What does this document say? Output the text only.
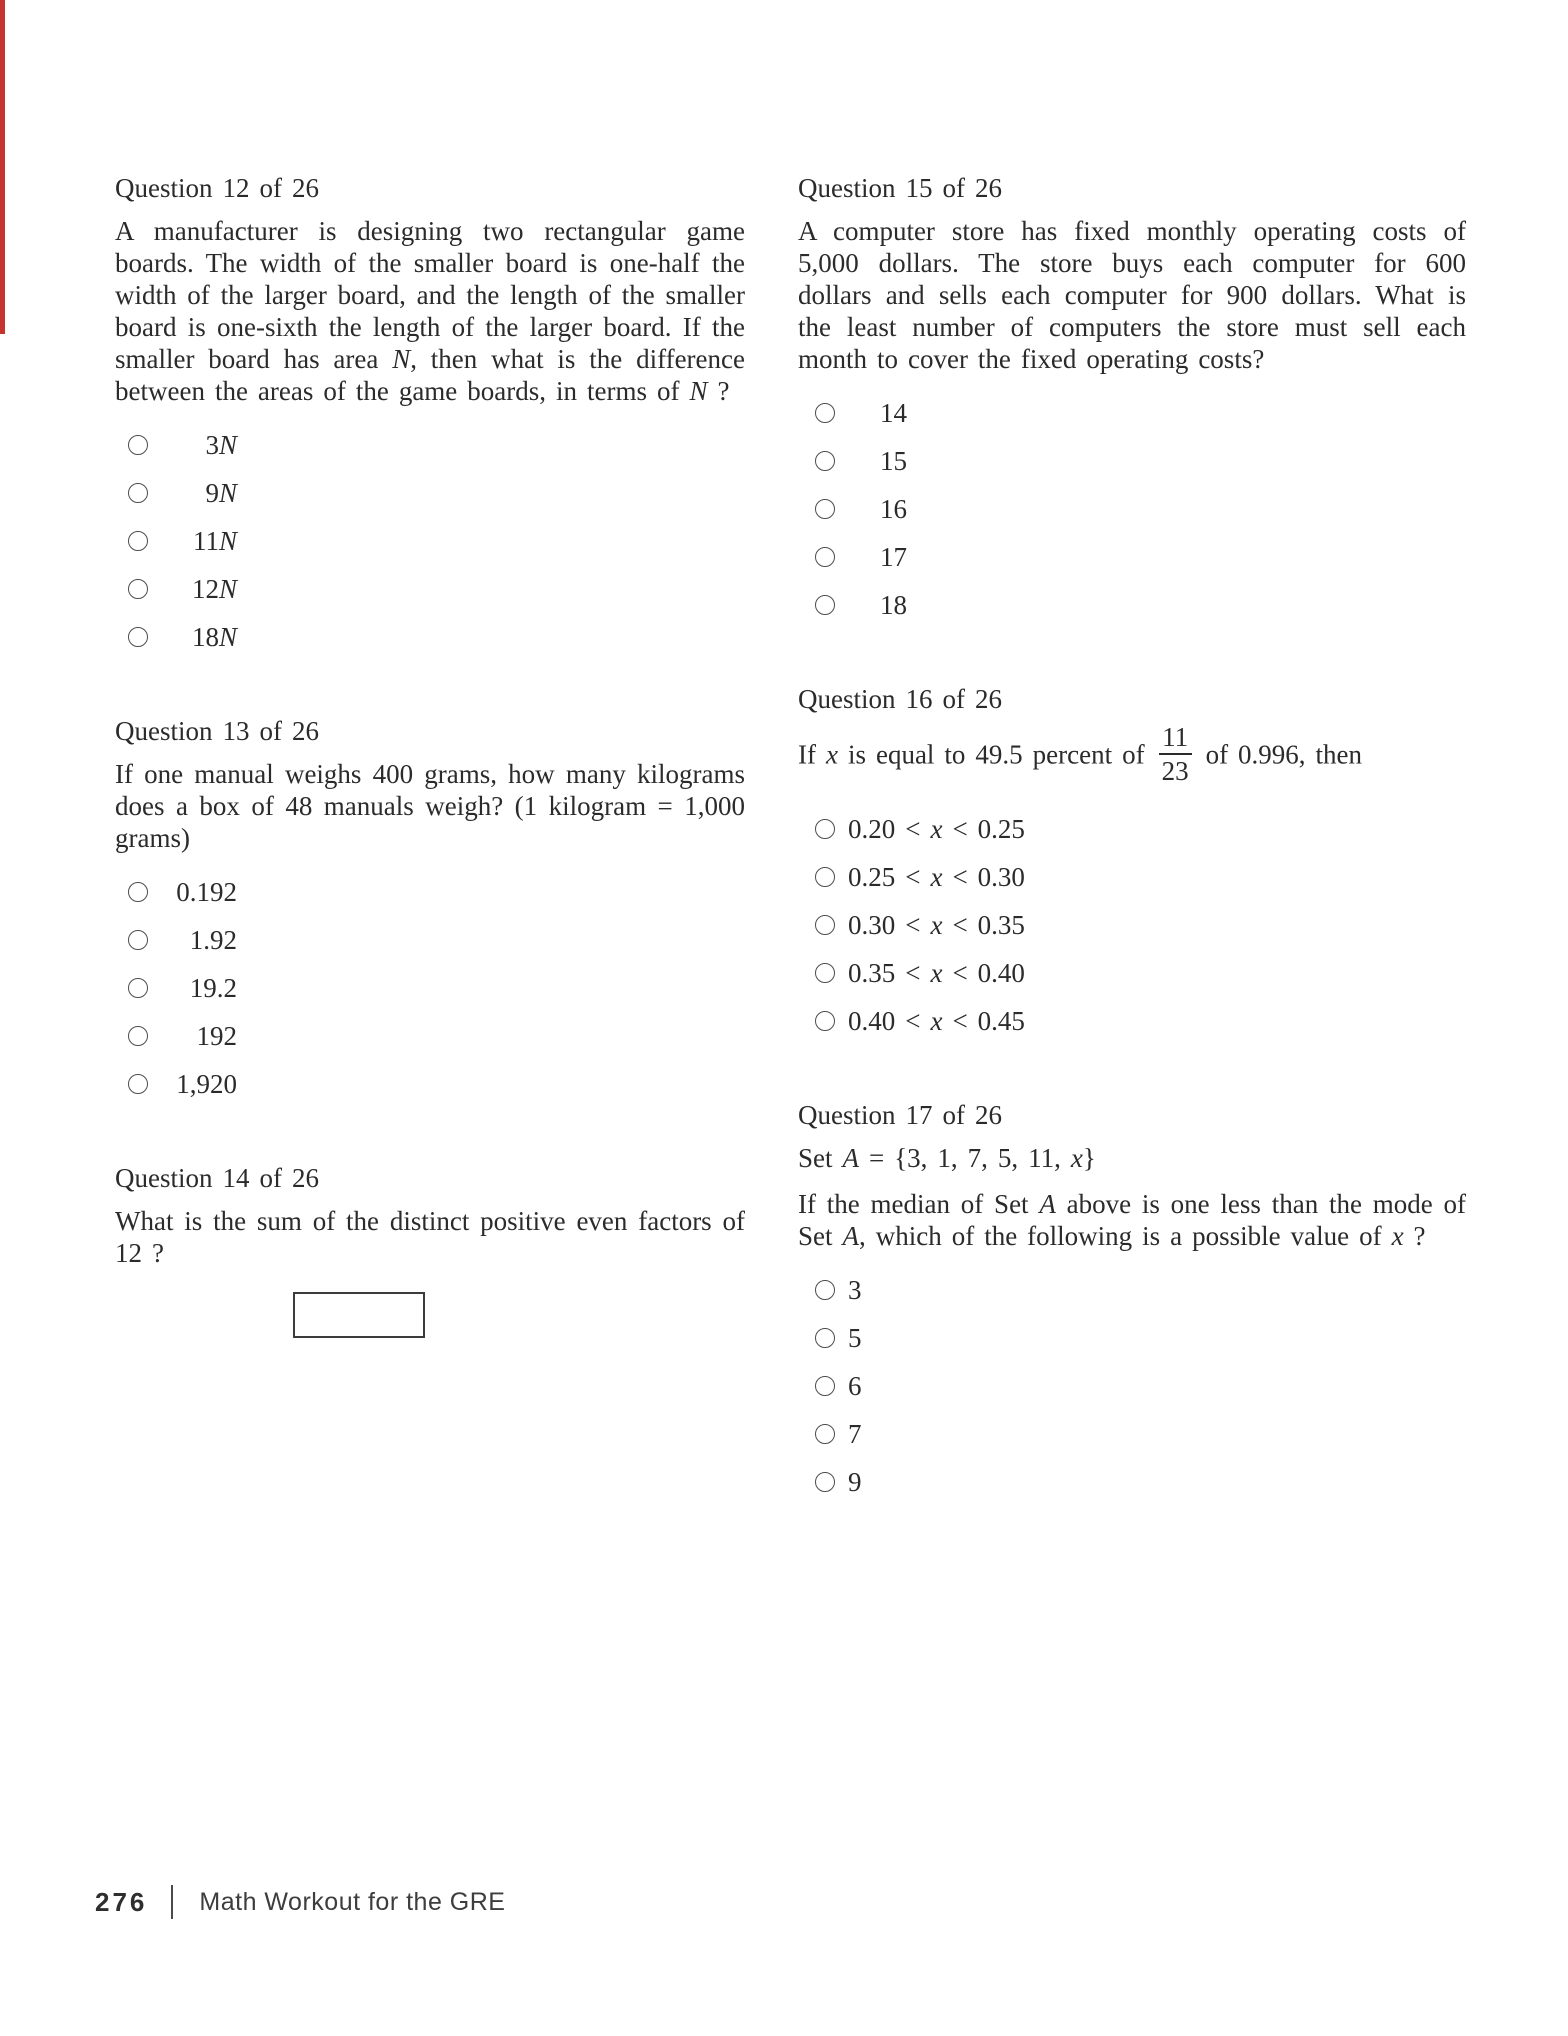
Question 12 of 26

A manufacturer is designing two rectangular game boards. The width of the smaller board is one-half the width of the larger board, and the length of the smaller board is one-sixth the length of the larger board. If the smaller board has area N, then what is the difference between the areas of the game boards, in terms of N ?

3N
9N
11N
12N
18N

Question 13 of 26

If one manual weighs 400 grams, how many kilograms does a box of 48 manuals weigh? (1 kilogram = 1,000 grams)

0.192
1.92
19.2
192
1,920

Question 14 of 26

What is the sum of the distinct positive even factors of 12 ?

Question 15 of 26

A computer store has fixed monthly operating costs of 5,000 dollars. The store buys each computer for 600 dollars and sells each computer for 900 dollars. What is the least number of computers the store must sell each month to cover the fixed operating costs?

14
15
16
17
18

Question 16 of 26

If x is equal to 49.5 percent of $\frac{11}{23}$ of 0.996, then

0.20 < x < 0.25
0.25 < x < 0.30
0.30 < x < 0.35
0.35 < x < 0.40
0.40 < x < 0.45

Question 17 of 26

Set A = {3, 1, 7, 5, 11, x}

If the median of Set A above is one less than the mode of Set A, which of the following is a possible value of x ?

3
5
6
7
9
276 Math Workout for the GRE
